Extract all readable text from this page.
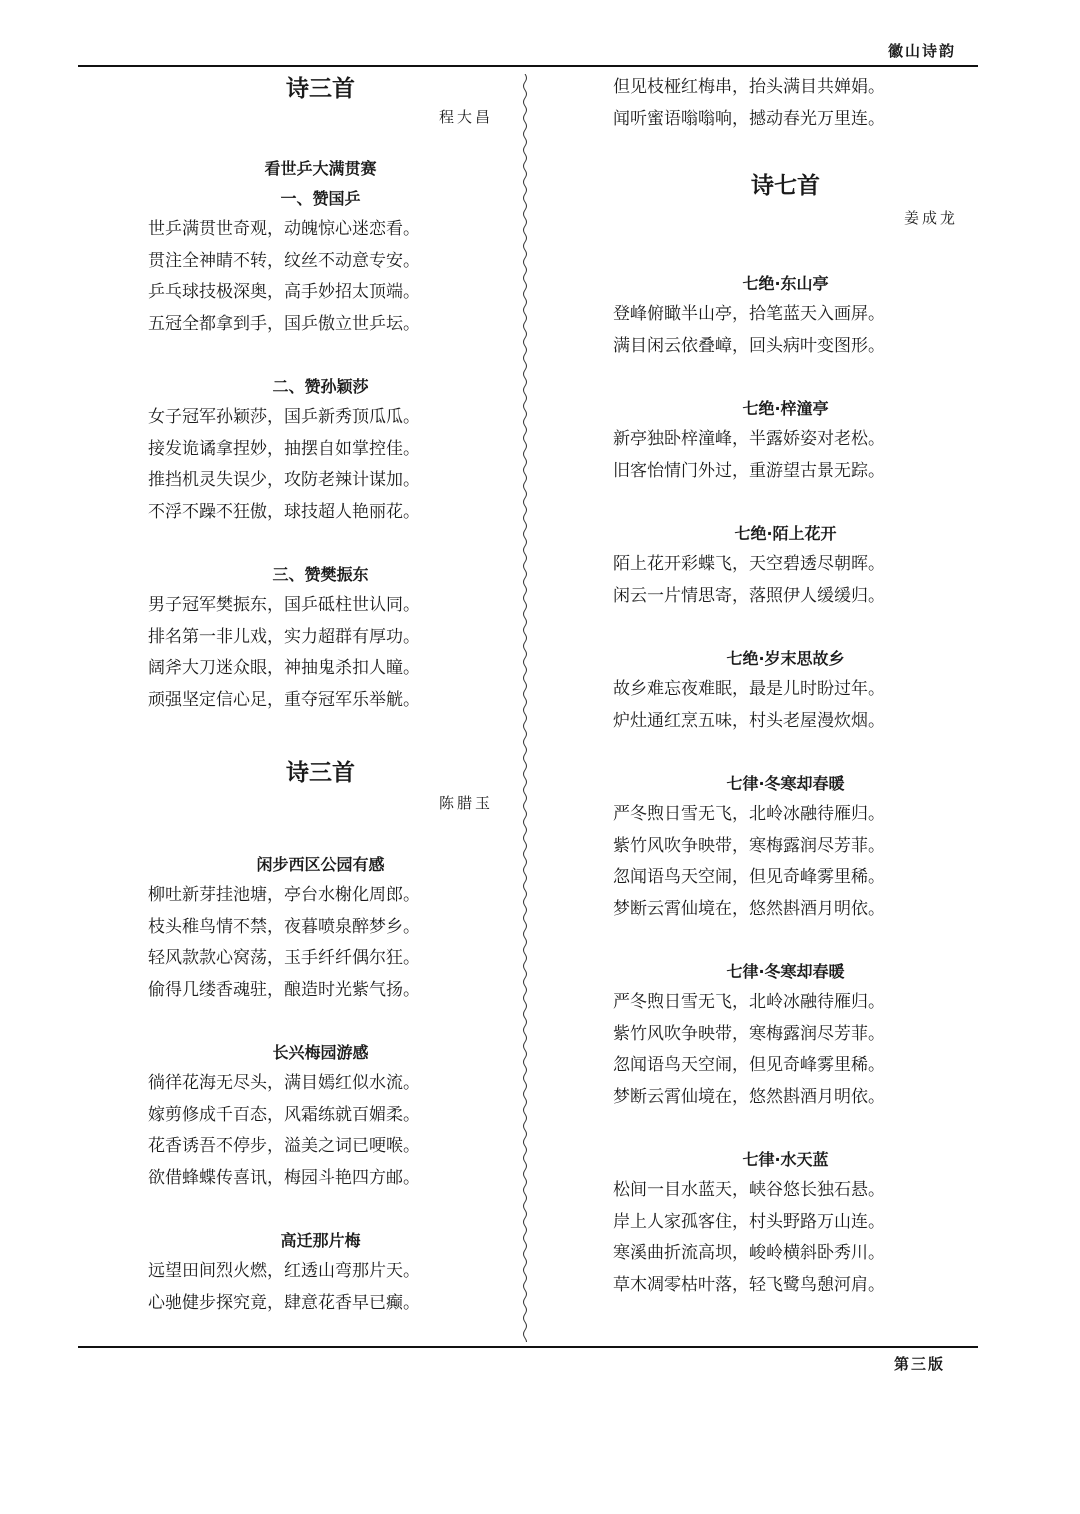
徽山诗韵
诗三首
程大昌
看世乒大满贯赛
一、赞国乒
世乒满贯世奇观，动魄惊心迷恋看。
贯注全神睛不转，纹丝不动意专安。
乒乓球技极深奥，高手妙招太顶端。
五冠全都拿到手，国乒傲立世乒坛。
二、赞孙颖莎
女子冠军孙颖莎，国乒新秀顶瓜瓜。
接发诡谲拿捏妙，抽摆自如掌控佳。
推挡机灵失误少，攻防老辣计谋加。
不浮不躁不狂傲，球技超人艳丽花。
三、赞樊振东
男子冠军樊振东，国乒砥柱世认同。
排名第一非儿戏，实力超群有厚功。
阔斧大刀迷众眼，神抽鬼杀扣人瞳。
顽强坚定信心足，重夺冠军乐举觥。
诗三首
陈腊玉
闲步西区公园有感
柳吐新芽挂池塘，亭台水榭化周郎。
枝头稚鸟情不禁，夜暮喷泉醉梦乡。
轻风款款心窝荡，玉手纤纤偶尔狂。
偷得几缕香魂驻，酿造时光紫气扬。
长兴梅园游感
徜徉花海无尽头，满目嫣红似水流。
嫁剪修成千百态，风霜练就百媚柔。
花香诱吾不停步，溢美之词已哽喉。
欲借蜂蝶传喜讯，梅园斗艳四方邮。
高迁那片梅
远望田间烈火燃，红透山弯那片天。
心驰健步探究竟，肆意花香早已癫。
但见枝桠红梅串，抬头满目共婵娟。
闻听蜜语嗡嗡响，撼动春光万里连。
诗七首
姜成龙
七绝·东山亭
登峰俯瞰半山亭，拾笔蓝天入画屏。
满目闲云依叠嶂，回头病叶变图形。
七绝·梓潼亭
新亭独卧梓潼峰，半露娇姿对老松。
旧客怡情门外过，重游望古景无踪。
七绝·陌上花开
陌上花开彩蝶飞，天空碧透尽朝晖。
闲云一片情思寄，落照伊人缓缓归。
七绝·岁末思故乡
故乡难忘夜难眠，最是儿时盼过年。
炉灶通红烹五味，村头老屋漫炊烟。
七律·冬寒却春暖
严冬煦日雪无飞，北岭冰融待雁归。
紫竹风吹争映带，寒梅露润尽芳菲。
忽闻语鸟天空闹，但见奇峰雾里稀。
梦断云霄仙境在，悠然斟酒月明依。
七律·冬寒却春暖
严冬煦日雪无飞，北岭冰融待雁归。
紫竹风吹争映带，寒梅露润尽芳菲。
忽闻语鸟天空闹，但见奇峰雾里稀。
梦断云霄仙境在，悠然斟酒月明依。
七律·水天蓝
松间一目水蓝天，峡谷悠长独石悬。
岸上人家孤客住，村头野路万山连。
寒溪曲折流高坝，峻岭横斜卧秀川。
草木凋零枯叶落，轻飞鹭鸟憩河肩。
第三版
